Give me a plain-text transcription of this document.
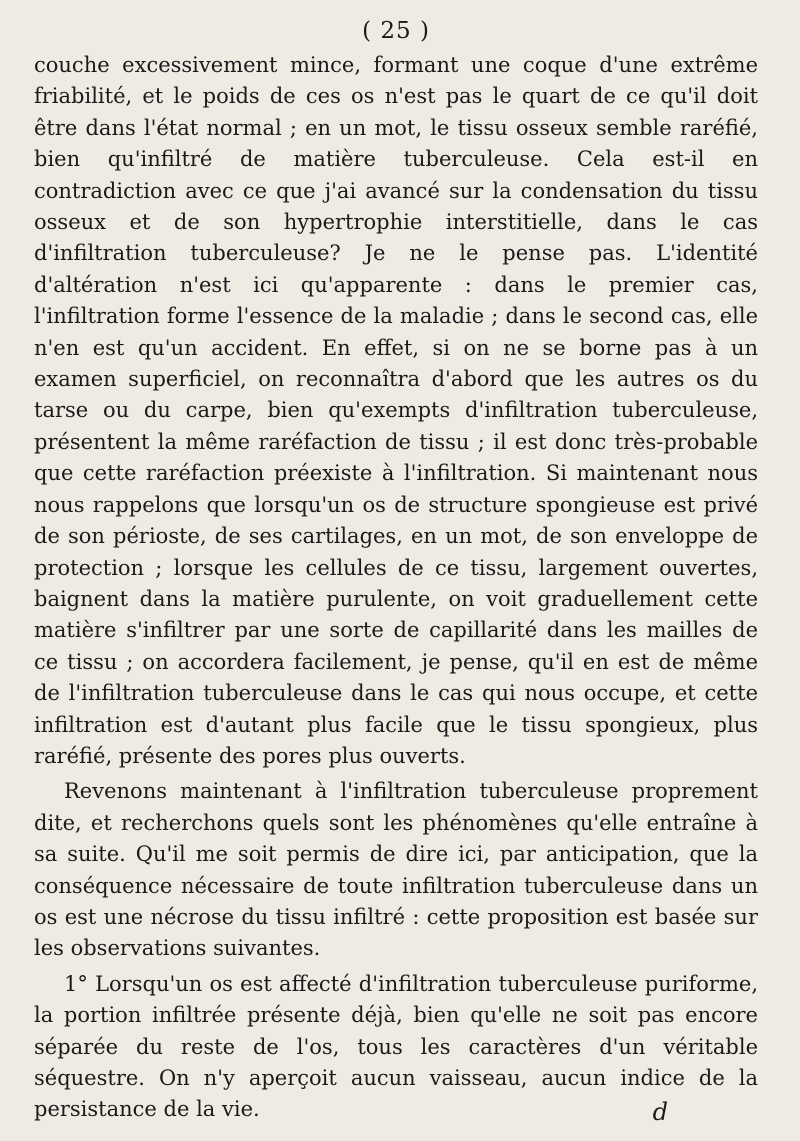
( 25 )

couche excessivement mince, formant une coque d'une extrême friabilité, et le poids de ces os n'est pas le quart de ce qu'il doit être dans l'état normal ; en un mot, le tissu osseux semble raréfié, bien qu'infiltré de matière tuberculeuse. Cela est-il en contradiction avec ce que j'ai avancé sur la condensation du tissu osseux et de son hypertrophie interstitielle, dans le cas d'infiltration tuberculeuse? Je ne le pense pas. L'identité d'altération n'est ici qu'apparente : dans le premier cas, l'infiltration forme l'essence de la maladie ; dans le second cas, elle n'en est qu'un accident. En effet, si on ne se borne pas à un examen superficiel, on reconnaîtra d'abord que les autres os du tarse ou du carpe, bien qu'exempts d'infiltration tuberculeuse, présentent la même raréfaction de tissu ; il est donc très-probable que cette raréfaction préexiste à l'infiltration. Si maintenant nous nous rappelons que lorsqu'un os de structure spongieuse est privé de son périoste, de ses cartilages, en un mot, de son enveloppe de protection ; lorsque les cellules de ce tissu, largement ouvertes, baignent dans la matière purulente, on voit graduellement cette matière s'infiltrer par une sorte de capillarité dans les mailles de ce tissu ; on accordera facilement, je pense, qu'il en est de même de l'infiltration tuberculeuse dans le cas qui nous occupe, et cette infiltration est d'autant plus facile que le tissu spongieux, plus raréfié, présente des pores plus ouverts.

Revenons maintenant à l'infiltration tuberculeuse proprement dite, et recherchons quels sont les phénomènes qu'elle entraîne à sa suite. Qu'il me soit permis de dire ici, par anticipation, que la conséquence nécessaire de toute infiltration tuberculeuse dans un os est une nécrose du tissu infiltré : cette proposition est basée sur les observations suivantes.

1° Lorsqu'un os est affecté d'infiltration tuberculeuse puriforme, la portion infiltrée présente déjà, bien qu'elle ne soit pas encore séparée du reste de l'os, tous les caractères d'un véritable séquestre. On n'y aperçoit aucun vaisseau, aucun indice de la persistance de la vie.	d
